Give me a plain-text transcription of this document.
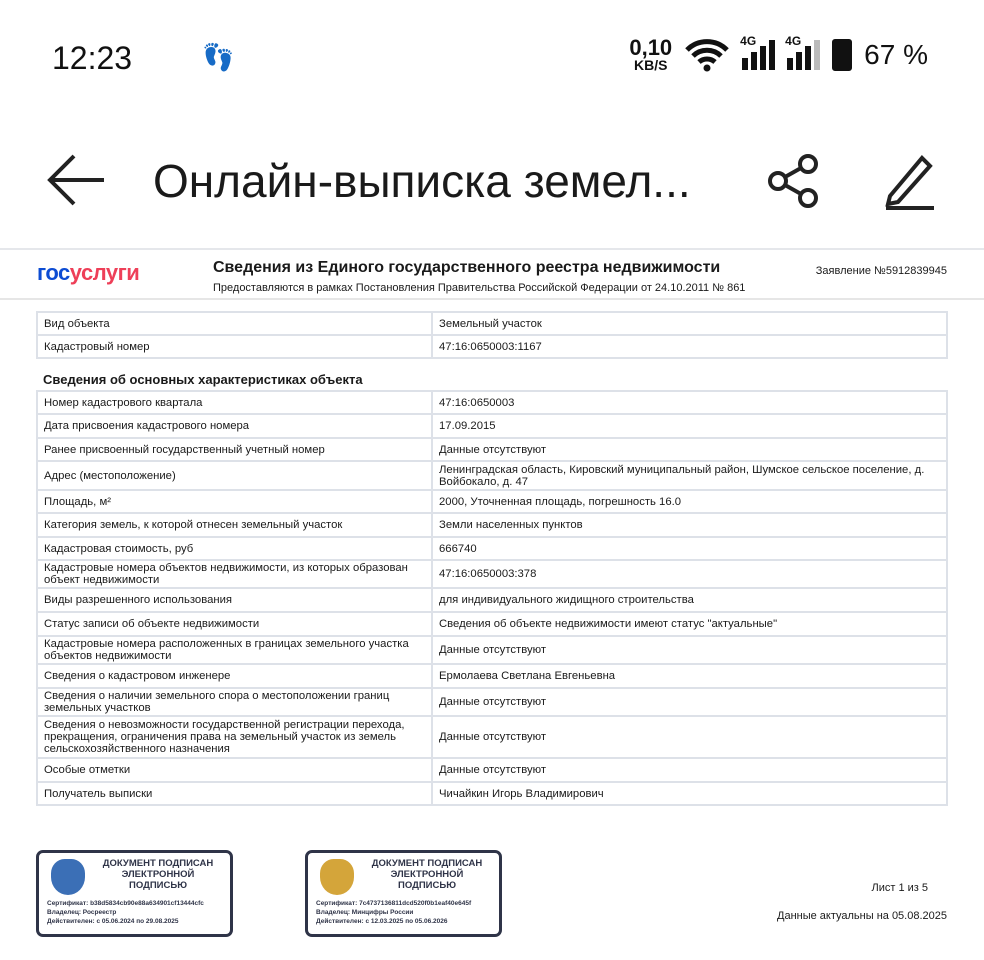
12:23	👣	0,10
KB/S
4G 4G 67 %
Онлайн-выписка земел...
госуслуги	Сведения из Единого государственного реестра недвижимости
Предоставляются в рамках Постановления Правительства Российской Федерации от 24.10.2011 № 861
Заявление №5912839945
Вид объекта	Земельный участок
Кадастровый номер	47:16:0650003:1167
Сведения об основных характеристиках объекта
Номер кадастрового квартала	47:16:0650003
Дата присвоения кадастрового номера	17.09.2015
Ранее присвоенный государственный учетный номер	Данные отсутствуют
Адрес (местоположение)	Ленинградская область, Кировский муниципальный район, Шумское сельское поселение, д. Войбокало, д. 47
Площадь, м²	2000, Уточненная площадь, погрешность 16.0
Категория земель, к которой отнесен земельный участок	Земли населенных пунктов
Кадастровая стоимость, руб	666740
Кадастровые номера объектов недвижимости, из которых образован объект недвижимости	47:16:0650003:378
Виды разрешенного использования	для индивидуального жидищного строительства
Статус записи об объекте недвижимости	Сведения об объекте недвижимости имеют статус "актуальные"
Кадастровые номера расположенных в границах земельного участка объектов недвижимости	Данные отсутствуют
Сведения о кадастровом инженере	Ермолаева Светлана Евгеньевна
Сведения о наличии земельного спора о местоположении границ земельных участков	Данные отсутствуют
Сведения о невозможности государственной регистрации перехода, прекращения, ограничения права на земельный участок из земель сельскохозяйственного назначения	Данные отсутствуют
Особые отметки	Данные отсутствуют
Получатель выписки	Чичайкин Игорь Владимирович
ДОКУМЕНТ ПОДПИСАН ЭЛЕКТРОННОЙ ПОДПИСЬЮ
Сертификат: b38d5834cb90e88a634901cf13444cfc
Владелец: Росреестр
Действителен: с 05.06.2024 по 29.08.2025
ДОКУМЕНТ ПОДПИСАН ЭЛЕКТРОННОЙ ПОДПИСЬЮ
Сертификат: 7c4737136811dcd520f0b1eaf40e645f
Владелец: Минцифры России
Действителен: с 12.03.2025 по 05.06.2026
Лист 1 из 5
Данные актуальны на 05.08.2025
